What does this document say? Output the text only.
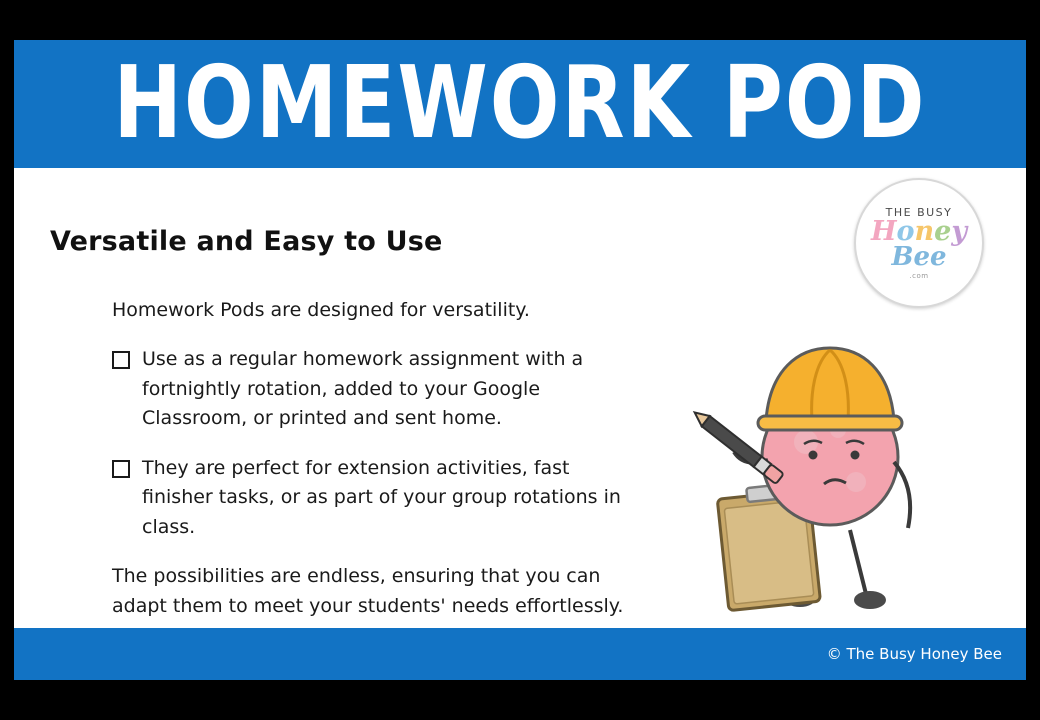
HOMEWORK POD
Versatile and Easy to Use

Homework Pods are designed for versatility.

Use as a regular homework assignment with a fortnightly rotation, added to your Google Classroom, or printed and sent home.
They are perfect for extension activities, fast finisher tasks, or as part of your group rotations in class.

The possibilities are endless, ensuring that you can adapt them to meet your students' needs effortlessly.

THE BUSY
Honey
Bee
.com
© The Busy Honey Bee
